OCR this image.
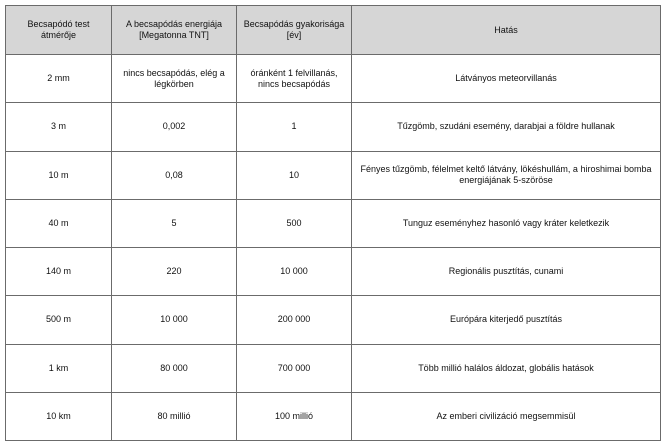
Becsapódó test átmérője	A becsapódás energiája [Megatonna TNT]	Becsapódás gyakorisága [év]	Hatás
2 mm	nincs becsapódás, elég a légkörben	óránként 1 felvillanás, nincs becsapódás	Látványos meteorvillanás
3 m	0,002	1	Tűzgömb, szudáni esemény, darabjai a földre hullanak
10 m	0,08	10	Fényes tűzgömb, félelmet keltő látvány, lökéshullám, a hiroshimai bomba energiájának 5-szöröse
40 m	5	500	Tunguz eseményhez hasonló vagy kráter keletkezik
140 m	220	10 000	Regionális pusztítás, cunami
500 m	10 000	200 000	Európára kiterjedő pusztítás
1 km	80 000	700 000	Több millió halálos áldozat, globális hatások
10 km	80 millió	100 millió	Az emberi civilizáció megsemmisül
